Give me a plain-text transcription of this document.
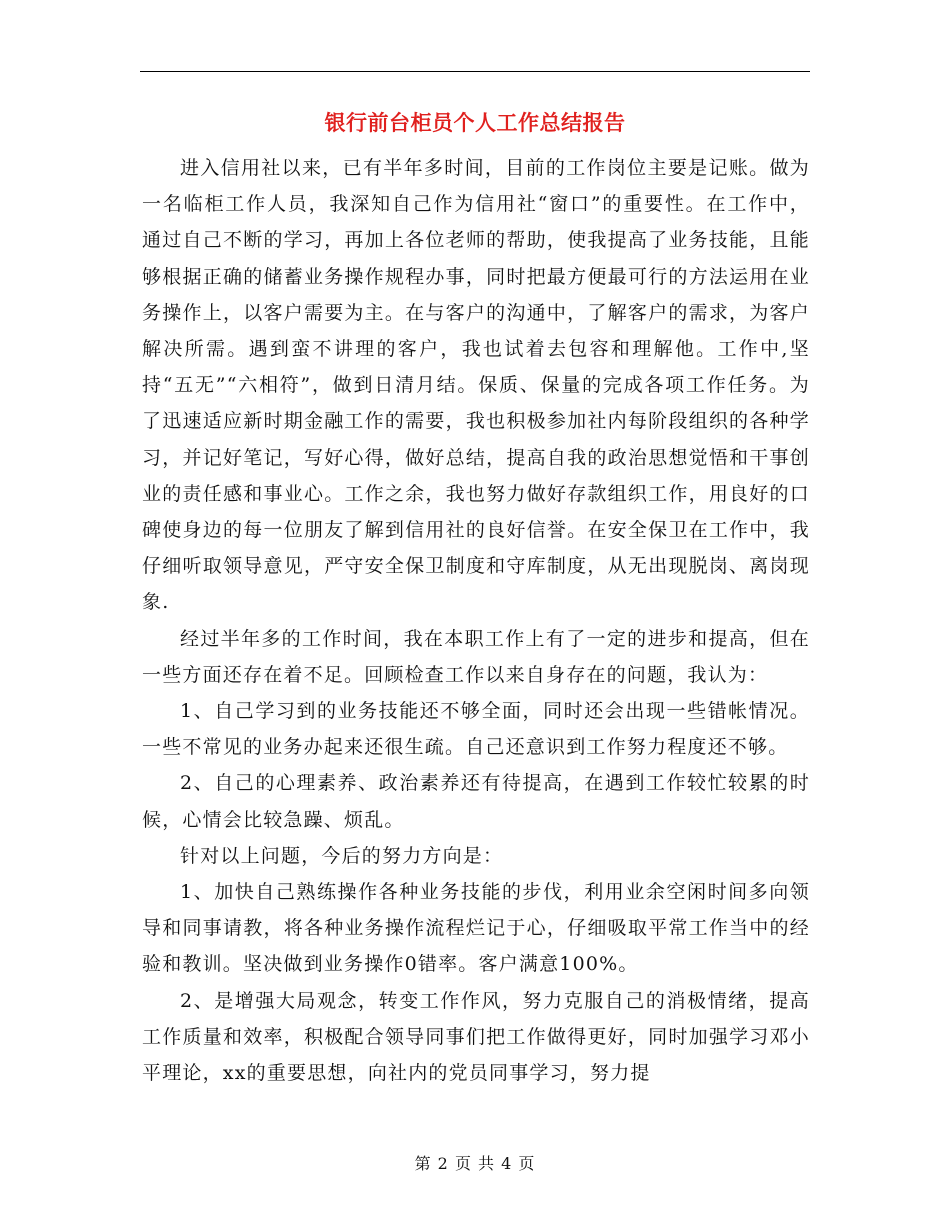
银行前台柜员个人工作总结报告

进入信用社以来，已有半年多时间，目前的工作岗位主要是记账。做为一名临柜工作人员，我深知自己作为信用社“窗口”的重要性。在工作中，通过自己不断的学习，再加上各位老师的帮助，使我提高了业务技能，且能够根据正确的储蓄业务操作规程办事，同时把最方便最可行的方法运用在业务操作上，以客户需要为主。在与客户的沟通中，了解客户的需求，为客户解决所需。遇到蛮不讲理的客户，我也试着去包容和理解他。工作中,坚持“五无”“六相符”，做到日清月结。保质、保量的完成各项工作任务。为了迅速适应新时期金融工作的需要，我也积极参加社内每阶段组织的各种学习，并记好笔记，写好心得，做好总结，提高自我的政治思想觉悟和干事创业的责任感和事业心。工作之余，我也努力做好存款组织工作，用良好的口碑使身边的每一位朋友了解到信用社的良好信誉。在安全保卫在工作中，我仔细听取领导意见，严守安全保卫制度和守库制度，从无出现脱岗、离岗现象.

经过半年多的工作时间，我在本职工作上有了一定的进步和提高，但在一些方面还存在着不足。回顾检查工作以来自身存在的问题，我认为：

1、自己学习到的业务技能还不够全面，同时还会出现一些错帐情况。一些不常见的业务办起来还很生疏。自己还意识到工作努力程度还不够。

2、自己的心理素养、政治素养还有待提高，在遇到工作较忙较累的时候，心情会比较急躁、烦乱。

针对以上问题，今后的努力方向是：

1、加快自己熟练操作各种业务技能的步伐，利用业余空闲时间多向领导和同事请教，将各种业务操作流程烂记于心，仔细吸取平常工作当中的经验和教训。坚决做到业务操作0错率。客户满意100%。

2、是增强大局观念，转变工作作风，努力克服自己的消极情绪，提高工作质量和效率，积极配合领导同事们把工作做得更好，同时加强学习邓小平理论，xx的重要思想，向社内的党员同事学习，努力提

第 2 页 共 4 页
